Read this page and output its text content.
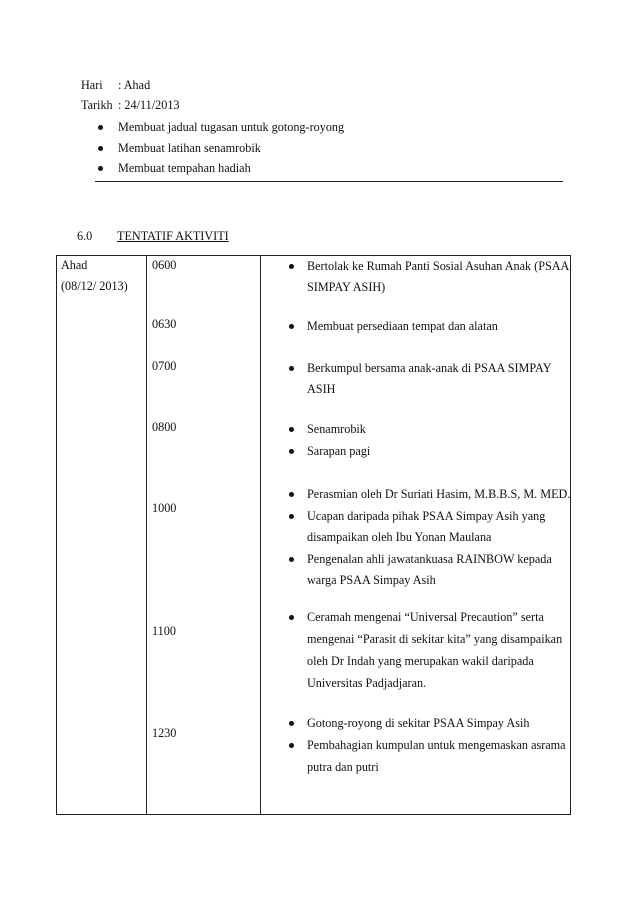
Hari : Ahad
Tarikh : 24/11/2013
Membuat jadual tugasan untuk gotong-royong
Membuat latihan senamrobik
Membuat tempahan hadiah
6.0 TENTATIF AKTIVITI
Ahad
(08/12/ 2013)
0600
0630
0700
0800
1000
1100
1230
Bertolak ke Rumah Panti Sosial Asuhan Anak (PSAA
SIMPAY ASIH)
Membuat persediaan tempat dan alatan
Berkumpul bersama anak-anak di PSAA SIMPAY
ASIH
Senamrobik
Sarapan pagi
Perasmian oleh Dr Suriati Hasim, M.B.B.S, M. MED.
Ucapan daripada pihak PSAA Simpay Asih yang
disampaikan oleh Ibu Yonan Maulana
Pengenalan ahli jawatankuasa RAINBOW kepada
warga PSAA Simpay Asih
Ceramah mengenai “Universal Precaution” serta
mengenai “Parasit di sekitar kita” yang disampaikan
oleh Dr Indah yang merupakan wakil daripada
Universitas Padjadjaran.
Gotong-royong di sekitar PSAA Simpay Asih
Pembahagian kumpulan untuk mengemaskan asrama
putra dan putri
